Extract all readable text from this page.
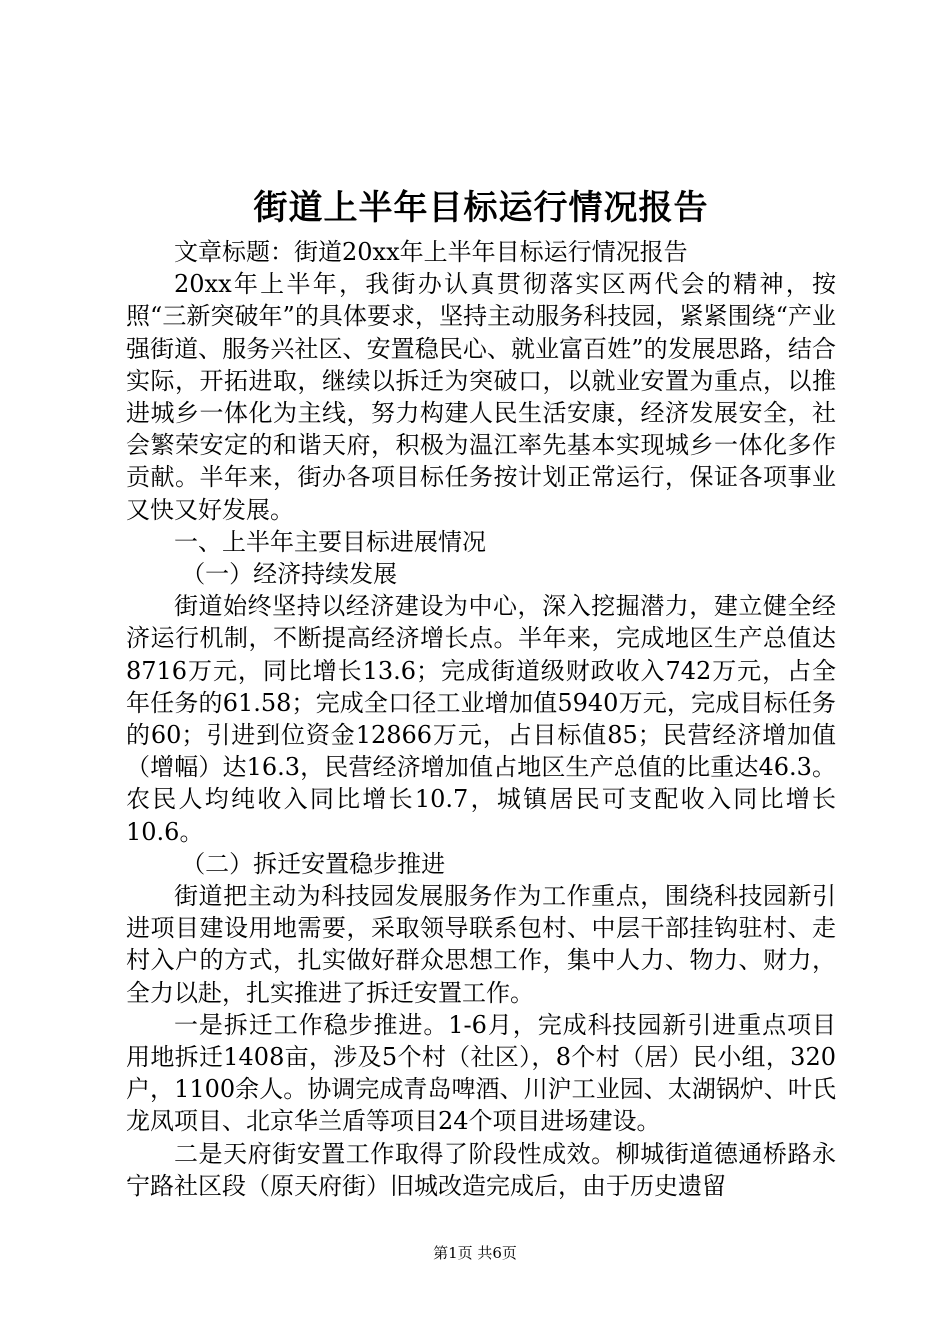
街道上半年目标运行情况报告

文章标题：街道20xx年上半年目标运行情况报告

20xx年上半年，我街办认真贯彻落实区两代会的精神，按照“三新突破年”的具体要求，坚持主动服务科技园，紧紧围绕“产业强街道、服务兴社区、安置稳民心、就业富百姓”的发展思路，结合实际，开拓进取，继续以拆迁为突破口，以就业安置为重点，以推进城乡一体化为主线，努力构建人民生活安康，经济发展安全，社会繁荣安定的和谐天府，积极为温江率先基本实现城乡一体化多作贡献。半年来，街办各项目标任务按计划正常运行，保证各项事业又快又好发展。

一、上半年主要目标进展情况

（一）经济持续发展

街道始终坚持以经济建设为中心，深入挖掘潜力，建立健全经济运行机制，不断提高经济增长点。半年来，完成地区生产总值达8716万元，同比增长13.6；完成街道级财政收入742万元，占全年任务的61.58；完成全口径工业增加值5940万元，完成目标任务的60；引进到位资金12866万元，占目标值85；民营经济增加值（增幅）达16.3，民营经济增加值占地区生产总值的比重达46.3。农民人均纯收入同比增长10.7，城镇居民可支配收入同比增长10.6。

（二）拆迁安置稳步推进

街道把主动为科技园发展服务作为工作重点，围绕科技园新引进项目建设用地需要，采取领导联系包村、中层干部挂钩驻村、走村入户的方式，扎实做好群众思想工作，集中人力、物力、财力，全力以赴，扎实推进了拆迁安置工作。

一是拆迁工作稳步推进。1-6月，完成科技园新引进重点项目用地拆迁1408亩，涉及5个村（社区），8个村（居）民小组，320户，1100余人。协调完成青岛啤酒、川沪工业园、太湖锅炉、叶氏龙凤项目、北京华兰盾等项目24个项目进场建设。

二是天府街安置工作取得了阶段性成效。柳城街道德通桥路永宁路社区段（原天府街）旧城改造完成后，由于历史遗留

第1页 共6页
